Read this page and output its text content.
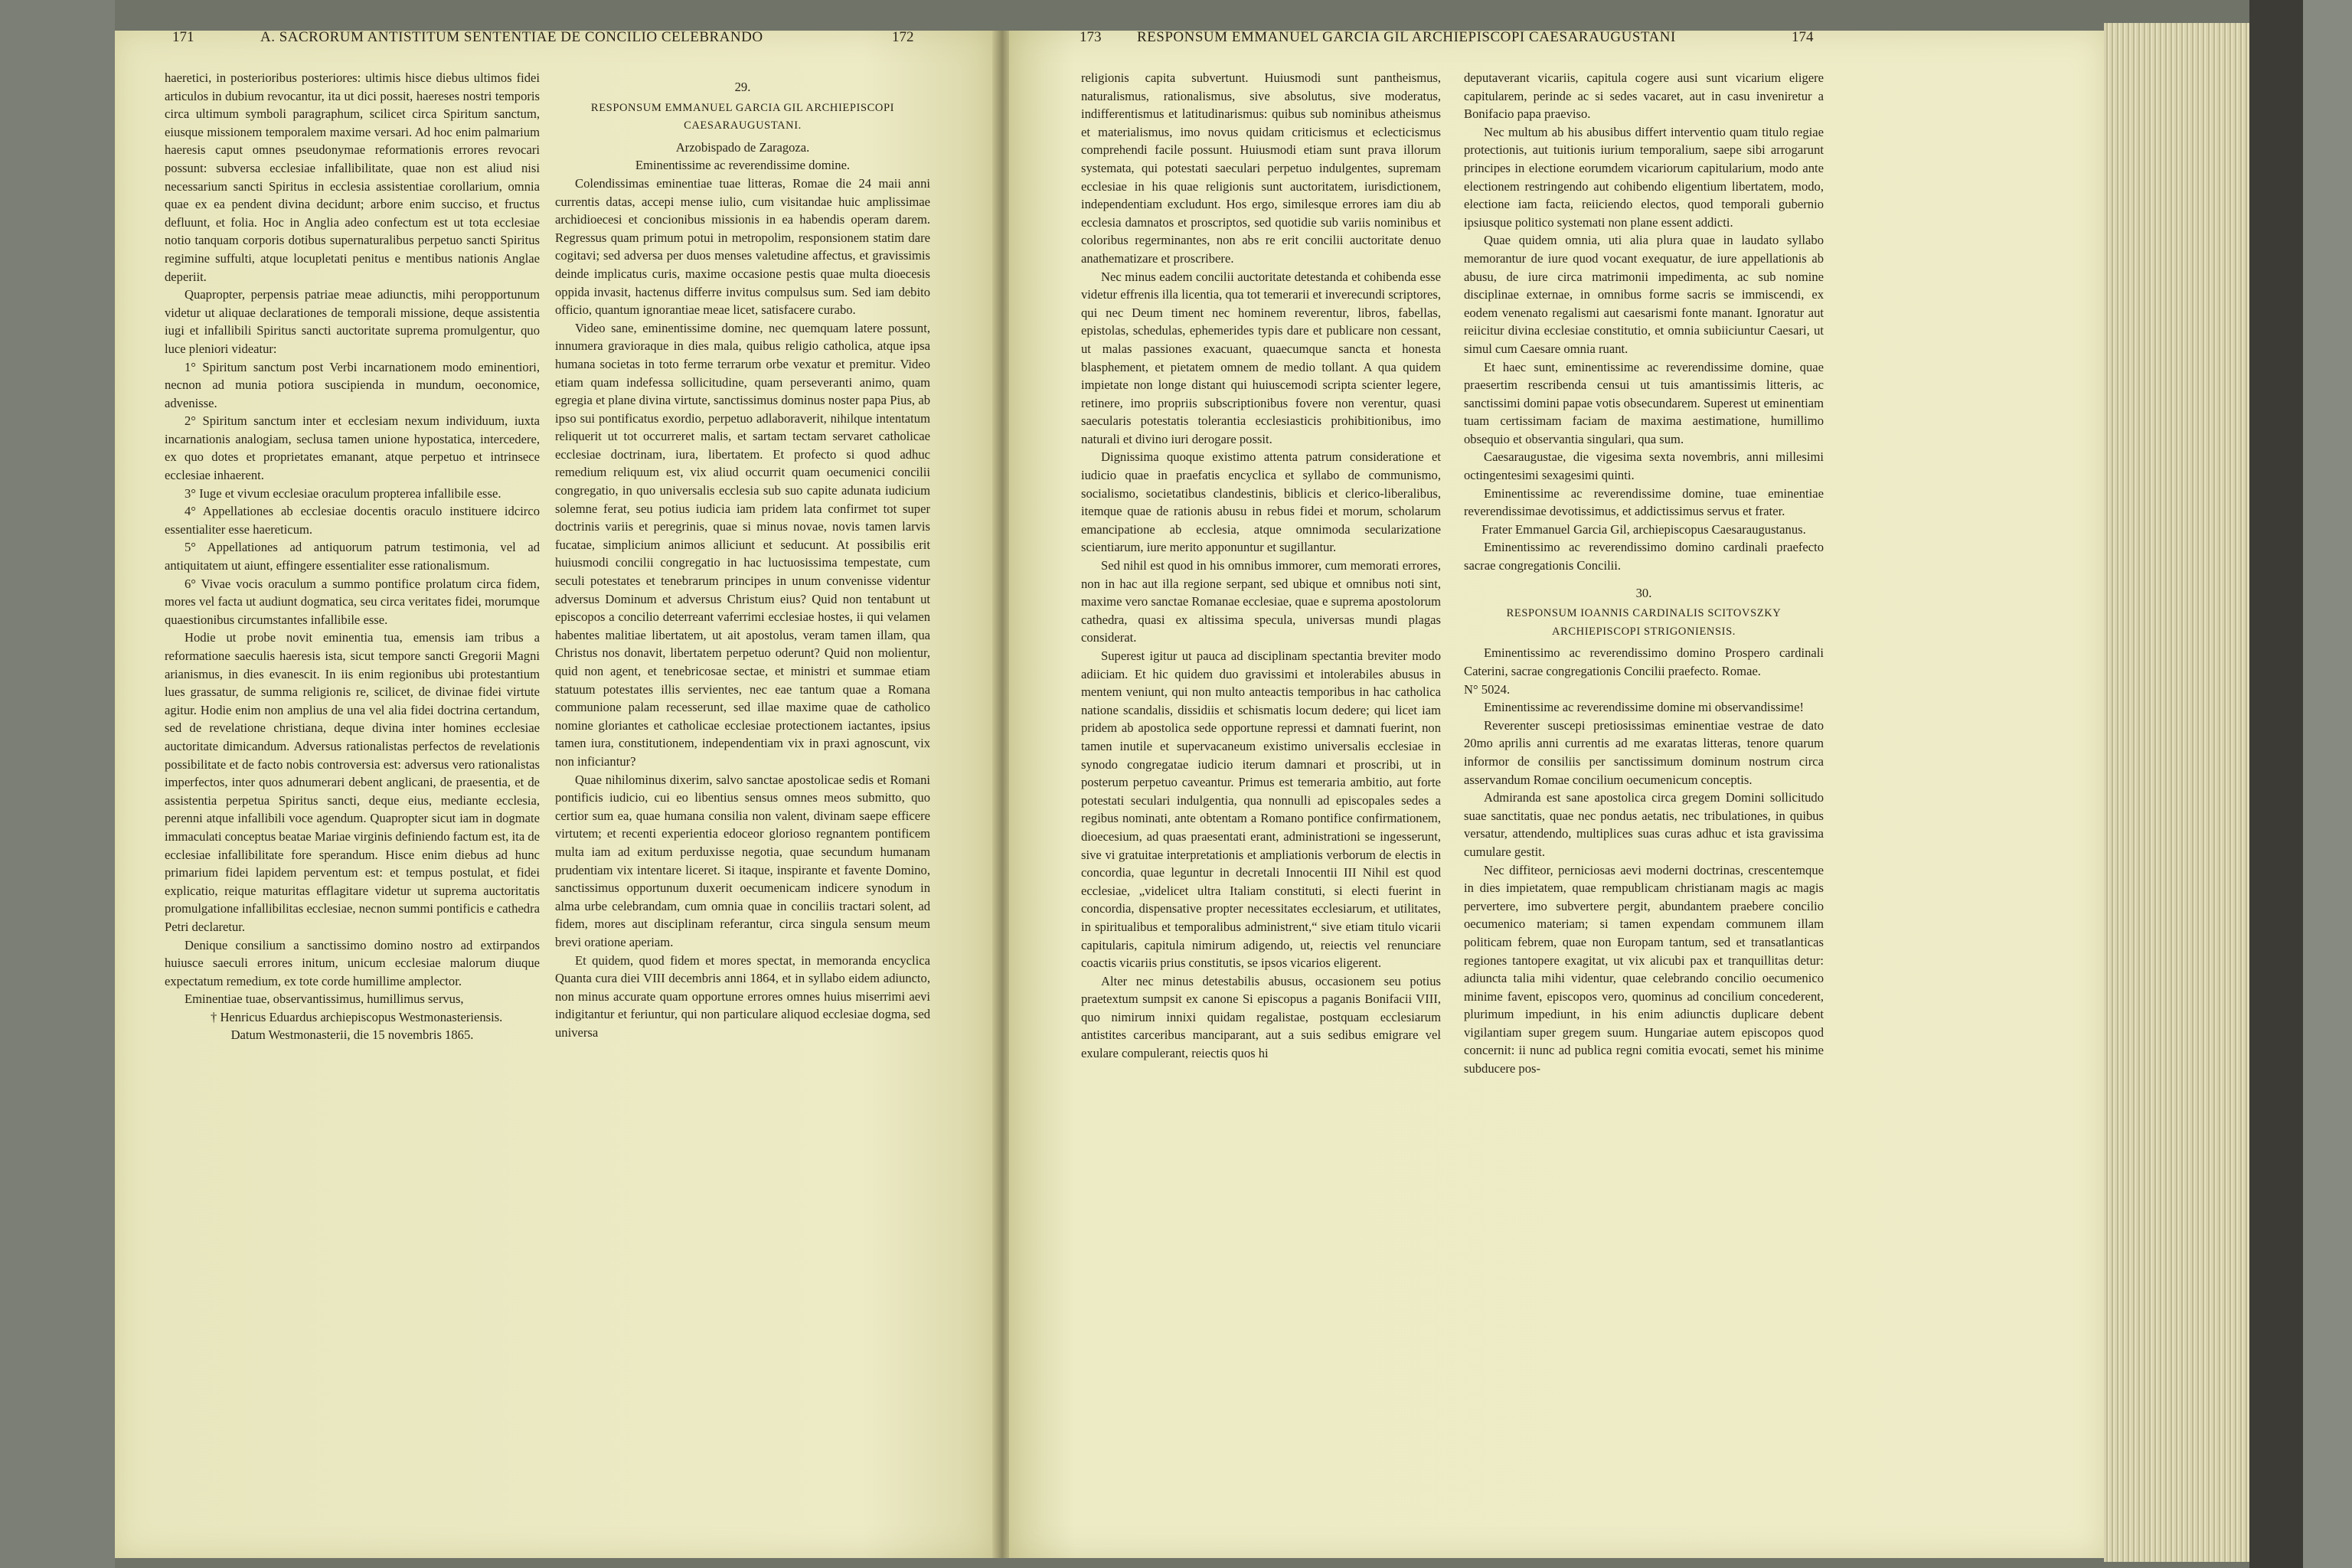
171	A. SACRORUM ANTISTITUM SENTENTIAE DE CONCILIO CELEBRANDO	172

haeretici, in posterioribus posteriores: ultimis hisce diebus ultimos fidei articulos in dubium revocantur, ita ut dici possit, haereses nostri temporis circa ultimum symboli paragraphum, scilicet circa Spiritum sanctum, eiusque missionem temporalem maxime versari. Ad hoc enim palmarium haeresis caput omnes pseudonymae reformationis errores revocari possunt: subversa ecclesiae infallibilitate, quae non est aliud nisi necessarium sancti Spiritus in ecclesia assistentiae corollarium, omnia quae ex ea pendent divina decidunt; arbore enim succiso, et fructus defluunt, et folia. Hoc in Anglia adeo confectum est ut tota ecclesiae notio tanquam corporis dotibus supernaturalibus perpetuo sancti Spiritus regimine suffulti, atque locupletati penitus e mentibus nationis Anglae deperiit.

Quapropter, perpensis patriae meae adiunctis, mihi peropportunum videtur ut aliquae declarationes de temporali missione, deque assistentia iugi et infallibili Spiritus sancti auctoritate suprema promulgentur, quo luce pleniori videatur:

1° Spiritum sanctum post Verbi incarnationem modo eminentiori, necnon ad munia potiora suscipienda in mundum, oeconomice, advenisse.

2° Spiritum sanctum inter et ecclesiam nexum individuum, iuxta incarnationis analogiam, seclusa tamen unione hypostatica, intercedere, ex quo dotes et proprietates emanant, atque perpetuo et intrinsece ecclesiae inhaerent.

3° Iuge et vivum ecclesiae oraculum propterea infallibile esse.

4° Appellationes ab ecclesiae docentis oraculo instituere idcirco essentialiter esse haereticum.

5° Appellationes ad antiquorum patrum testimonia, vel ad antiquitatem ut aiunt, effingere essentialiter esse rationalismum.

6° Vivae vocis oraculum a summo pontifice prolatum circa fidem, mores vel facta ut audiunt dogmatica, seu circa veritates fidei, morumque quaestionibus circumstantes infallibile esse.

Hodie ut probe novit eminentia tua, emensis iam tribus a reformatione saeculis haeresis ista, sicut tempore sancti Gregorii Magni arianismus, in dies evanescit. In iis enim regionibus ubi protestantium lues grassatur, de summa religionis re, scilicet, de divinae fidei virtute agitur. Hodie enim non amplius de una vel alia fidei doctrina certandum, sed de revelatione christiana, deque divina inter homines ecclesiae auctoritate dimicandum. Adversus rationalistas perfectos de revelationis possibilitate et de facto nobis controversia est: adversus vero rationalistas imperfectos, inter quos adnumerari debent anglicani, de praesentia, et de assistentia perpetua Spiritus sancti, deque eius, mediante ecclesia, perenni atque infallibili voce agendum. Quapropter sicut iam in dogmate immaculati conceptus beatae Mariae virginis definiendo factum est, ita de ecclesiae infallibilitate fore sperandum. Hisce enim diebus ad hunc primarium fidei lapidem perventum est: et tempus postulat, et fidei explicatio, reique maturitas efflagitare videtur ut suprema auctoritatis promulgatione infallibilitas ecclesiae, necnon summi pontificis e cathedra Petri declaretur.

Denique consilium a sanctissimo domino nostro ad extirpandos huiusce saeculi errores initum, unicum ecclesiae malorum diuque expectatum remedium, ex tote corde humillime amplector.

Eminentiae tuae, observantissimus, humillimus servus,

† Henricus Eduardus archiepiscopus Westmonasteriensis.

Datum Westmonasterii, die 15 novembris 1865.

29.

RESPONSUM EMMANUEL GARCIA GIL ARCHIEPISCOPI CAESARAUGUSTANI.

Arzobispado de Zaragoza.

Eminentissime ac reverendissime domine.

Colendissimas eminentiae tuae litteras, Romae die 24 maii anni currentis datas, accepi mense iulio, cum visitandae huic amplissimae archidioecesi et concionibus missionis in ea habendis operam darem. Regressus quam primum potui in metropolim, responsionem statim dare cogitavi; sed adversa per duos menses valetudine affectus, et gravissimis deinde implicatus curis, maxime occasione pestis quae multa dioecesis oppida invasit, hactenus differre invitus compulsus sum. Sed iam debito officio, quantum ignorantiae meae licet, satisfacere curabo.

Video sane, eminentissime domine, nec quemquam latere possunt, innumera gravioraque in dies mala, quibus religio catholica, atque ipsa humana societas in toto ferme terrarum orbe vexatur et premitur. Video etiam quam indefessa sollicitudine, quam perseveranti animo, quam egregia et plane divina virtute, sanctissimus dominus noster papa Pius, ab ipso sui pontificatus exordio, perpetuo adlaboraverit, nihilque intentatum reliquerit ut tot occurreret malis, et sartam tectam servaret catholicae ecclesiae doctrinam, iura, libertatem. Et profecto si quod adhuc remedium reliquum est, vix aliud occurrit quam oecumenici concilii congregatio, in quo universalis ecclesia sub suo capite adunata iudicium solemne ferat, seu potius iudicia iam pridem lata confirmet tot super doctrinis variis et peregrinis, quae si minus novae, novis tamen larvis fucatae, simplicium animos alliciunt et seducunt. At possibilis erit huiusmodi concilii congregatio in hac luctuosissima tempestate, cum seculi potestates et tenebrarum principes in unum convenisse videntur adversus Dominum et adversus Christum eius? Quid non tentabunt ut episcopos a concilio deterreant vaferrimi ecclesiae hostes, ii qui velamen habentes malitiae libertatem, ut ait apostolus, veram tamen illam, qua Christus nos donavit, libertatem perpetuo oderunt? Quid non molientur, quid non agent, et tenebricosae sectae, et ministri et summae etiam statuum potestates illis servientes, nec eae tantum quae a Romana communione palam recesserunt, sed illae maxime quae de catholico nomine gloriantes et catholicae ecclesiae protectionem iactantes, ipsius tamen iura, constitutionem, independentiam vix in praxi agnoscunt, vix non inficiantur?

Quae nihilominus dixerim, salvo sanctae apostolicae sedis et Romani pontificis iudicio, cui eo libentius sensus omnes meos submitto, quo certior sum ea, quae humana consilia non valent, divinam saepe efficere virtutem; et recenti experientia edoceor glorioso regnantem pontificem multa iam ad exitum perduxisse negotia, quae secundum humanam prudentiam vix intentare liceret. Si itaque, inspirante et favente Domino, sanctissimus opportunum duxerit oecumenicam indicere synodum in alma urbe celebrandam, cum omnia quae in conciliis tractari solent, ad fidem, mores aut disciplinam referantur, circa singula sensum meum brevi oratione aperiam.

Et quidem, quod fidem et mores spectat, in memoranda encyclica Quanta cura diei VIII decembris anni 1864, et in syllabo eidem adiuncto, non minus accurate quam opportune errores omnes huius miserrimi aevi indigitantur et feriuntur, qui non particulare aliquod ecclesiae dogma, sed universa

173 RESPONSUM EMMANUEL GARCIA GIL ARCHIEPISCOPI CAESARAUGUSTANI	174

religionis capita subvertunt. Huiusmodi sunt pantheismus, naturalismus, rationalismus, sive absolutus, sive moderatus, indifferentismus et latitudinarismus: quibus sub nominibus atheismus et materialismus, imo novus quidam criticismus et eclecticismus comprehendi facile possunt. Huiusmodi etiam sunt prava illorum systemata, qui potestati saeculari perpetuo indulgentes, supremam ecclesiae in his quae religionis sunt auctoritatem, iurisdictionem, independentiam excludunt. Hos ergo, similesque errores iam diu ab ecclesia damnatos et proscriptos, sed quotidie sub variis nominibus et coloribus regerminantes, non abs re erit concilii auctoritate denuo anathematizare et proscribere.

Nec minus eadem concilii auctoritate detestanda et cohibenda esse videtur effrenis illa licentia, qua tot temerarii et inverecundi scriptores, qui nec Deum timent nec hominem reverentur, libros, fabellas, epistolas, schedulas, ephemerides typis dare et publicare non cessant, ut malas passiones exacuant, quaecumque sancta et honesta blasphement, et pietatem omnem de medio tollant. A qua quidem impietate non longe distant qui huiuscemodi scripta scienter legere, retinere, imo propriis subscriptionibus fovere non verentur, quasi saecularis potestatis tolerantia ecclesiasticis prohibitionibus, imo naturali et divino iuri derogare possit.

Dignissima quoque existimo attenta patrum consideratione et iudicio quae in praefatis encyclica et syllabo de communismo, socialismo, societatibus clandestinis, biblicis et clerico-liberalibus, itemque quae de rationis abusu in rebus fidei et morum, scholarum emancipatione ab ecclesia, atque omnimoda secularizatione scientiarum, iure merito apponuntur et sugillantur.

Sed nihil est quod in his omnibus immorer, cum memorati errores, non in hac aut illa regione serpant, sed ubique et omnibus noti sint, maxime vero sanctae Romanae ecclesiae, quae e suprema apostolorum cathedra, quasi ex altissima specula, universas mundi plagas considerat.

Superest igitur ut pauca ad disciplinam spectantia breviter modo adiiciam. Et hic quidem duo gravissimi et intolerabiles abusus in mentem veniunt, qui non multo anteactis temporibus in hac catholica natione scandalis, dissidiis et schismatis locum dedere; qui licet iam pridem ab apostolica sede opportune repressi et damnati fuerint, non tamen inutile et supervacaneum existimo universalis ecclesiae in synodo congregatae iudicio iterum damnari et proscribi, ut in posterum perpetuo caveantur. Primus est temeraria ambitio, aut forte potestati seculari indulgentia, qua nonnulli ad episcopales sedes a regibus nominati, ante obtentam a Romano pontifice confirmationem, dioecesium, ad quas praesentati erant, administrationi se ingesserunt, sive vi gratuitae interpretationis et ampliationis verborum de electis in concordia, quae leguntur in decretali Innocentii III Nihil est quod ecclesiae, „videlicet ultra Italiam constituti, si electi fuerint in concordia, dispensative propter necessitates ecclesiarum, et utilitates, in spiritualibus et temporalibus administrent,“ sive etiam titulo vicarii capitularis, capitula nimirum adigendo, ut, reiectis vel renunciare coactis vicariis prius constitutis, se ipsos vicarios eligerent.

Alter nec minus detestabilis abusus, occasionem seu potius praetextum sumpsit ex canone Si episcopus a paganis Bonifacii VIII, quo nimirum innixi quidam regalistae, postquam ecclesiarum antistites carceribus manciparant, aut a suis sedibus emigrare vel exulare compulerant, reiectis quos hi

deputaverant vicariis, capitula cogere ausi sunt vicarium eligere capitularem, perinde ac si sedes vacaret, aut in casu inveniretur a Bonifacio papa praeviso.

Nec multum ab his abusibus differt interventio quam titulo regiae protectionis, aut tuitionis iurium temporalium, saepe sibi arrogarunt principes in electione eorumdem vicariorum capitularium, modo ante electionem restringendo aut cohibendo eligentium libertatem, modo, electione iam facta, reiiciendo electos, quod temporali gubernio ipsiusque politico systemati non plane essent addicti.

Quae quidem omnia, uti alia plura quae in laudato syllabo memorantur de iure quod vocant exequatur, de iure appellationis ab abusu, de iure circa matrimonii impedimenta, ac sub nomine disciplinae externae, in omnibus forme sacris se immiscendi, ex eodem venenato regalismi aut caesarismi fonte manant. Ignoratur aut reiicitur divina ecclesiae constitutio, et omnia subiiciuntur Caesari, ut simul cum Caesare omnia ruant.

Et haec sunt, eminentissime ac reverendissime domine, quae praesertim rescribenda censui ut tuis amantissimis litteris, ac sanctissimi domini papae votis obsecundarem. Superest ut eminentiam tuam certissimam faciam de maxima aestimatione, humillimo obsequio et observantia singulari, qua sum.

Caesaraugustae, die vigesima sexta novembris, anni millesimi octingentesimi sexagesimi quinti.

Eminentissime ac reverendissime domine, tuae eminentiae reverendissimae devotissimus, et addictissimus servus et frater.

Frater Emmanuel Garcia Gil, archiepiscopus Caesaraugustanus.

Eminentissimo ac reverendissimo domino cardinali praefecto sacrae congregationis Concilii.

30.

RESPONSUM IOANNIS CARDINALIS SCITOVSZKY ARCHIEPISCOPI STRIGONIENSIS.

Eminentissimo ac reverendissimo domino Prospero cardinali Caterini, sacrae congregationis Concilii praefecto. Romae.

N° 5024.

Eminentissime ac reverendissime domine mi observandissime!

Reverenter suscepi pretiosissimas eminentiae vestrae de dato 20mo aprilis anni currentis ad me exaratas litteras, tenore quarum informor de consiliis per sanctissimum dominum nostrum circa asservandum Romae concilium oecumenicum conceptis.

Admiranda est sane apostolica circa gregem Domini sollicitudo suae sanctitatis, quae nec pondus aetatis, nec tribulationes, in quibus versatur, attendendo, multiplices suas curas adhuc et ista gravissima cumulare gestit.

Nec diffiteor, perniciosas aevi moderni doctrinas, crescentemque in dies impietatem, quae rempublicam christianam magis ac magis pervertere, imo subvertere pergit, abundantem praebere concilio oecumenico materiam; si tamen expendam communem illam politicam febrem, quae non Europam tantum, sed et transatlanticas regiones tantopere exagitat, ut vix alicubi pax et tranquillitas detur: adiuncta talia mihi videntur, quae celebrando concilio oecumenico minime favent, episcopos vero, quominus ad concilium concederent, plurimum impediunt, in his enim adiunctis duplicare debent vigilantiam super gregem suum. Hungariae autem episcopos quod concernit: ii nunc ad publica regni comitia evocati, semet his minime subducere pos-
